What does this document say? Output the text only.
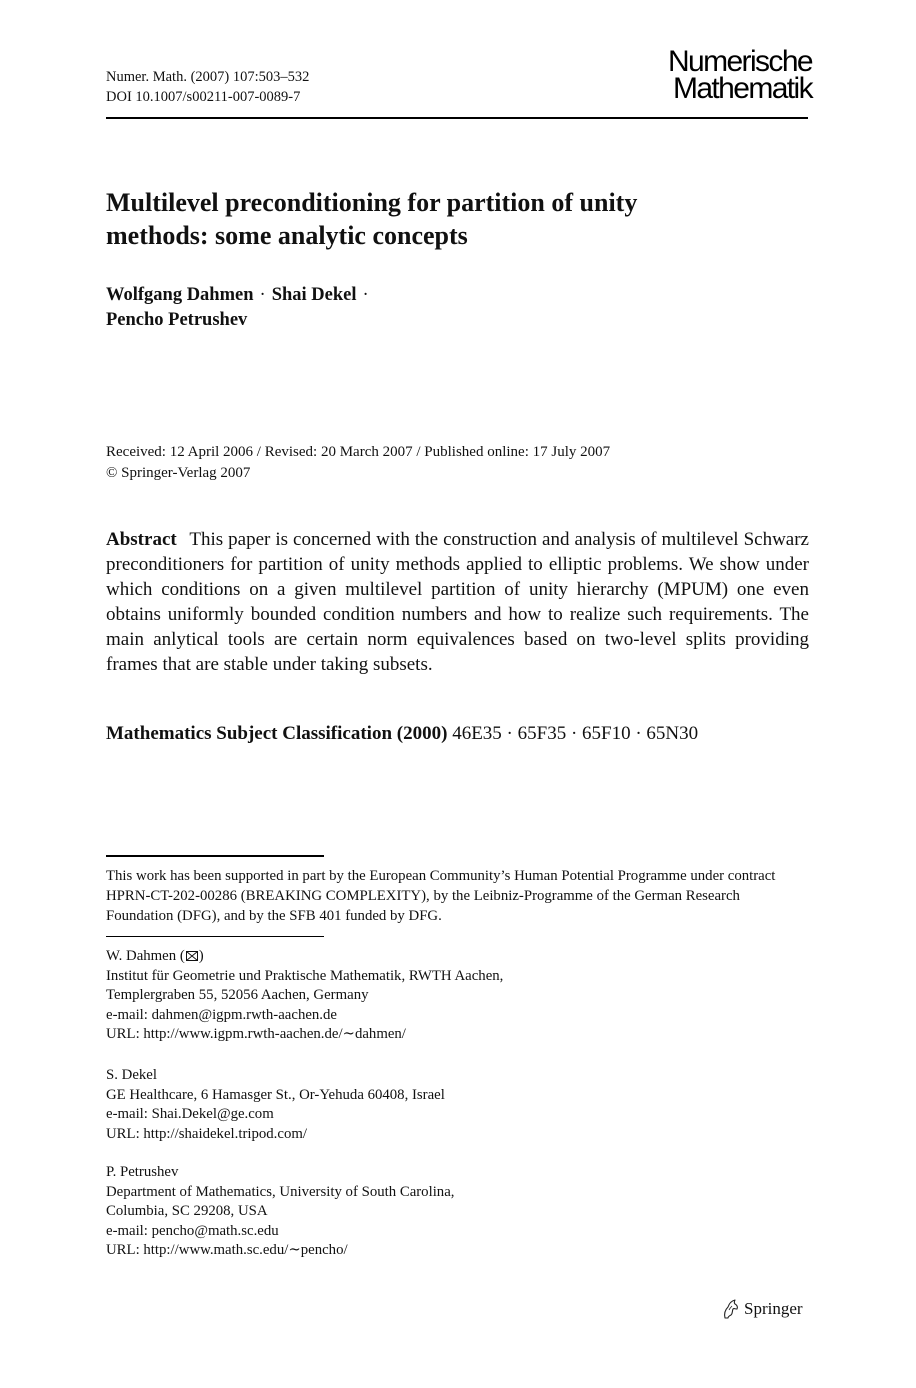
Numer. Math. (2007) 107:503–532
DOI 10.1007/s00211-007-0089-7
Numerische
Mathematik
Multilevel preconditioning for partition of unity
methods: some analytic concepts
Wolfgang Dahmen · Shai Dekel ·
Pencho Petrushev
Received: 12 April 2006 / Revised: 20 March 2007 / Published online: 17 July 2007
© Springer-Verlag 2007
Abstract This paper is concerned with the construction and analysis of multilevel Schwarz preconditioners for partition of unity methods applied to elliptic problems. We show under which conditions on a given multilevel partition of unity hierarchy (MPUM) one even obtains uniformly bounded condition numbers and how to realize such requirements. The main anlytical tools are certain norm equivalences based on two-level splits providing frames that are stable under taking subsets.
Mathematics Subject Classification (2000) 46E35 · 65F35 · 65F10 · 65N30
This work has been supported in part by the European Community’s Human Potential Programme under contract HPRN-CT-202-00286 (BREAKING COMPLEXITY), by the Leibniz-Programme of the German Research Foundation (DFG), and by the SFB 401 funded by DFG.
W. Dahmen ( )
Institut für Geometrie und Praktische Mathematik, RWTH Aachen,
Templergraben 55, 52056 Aachen, Germany
e-mail: dahmen@igpm.rwth-aachen.de
URL: http://www.igpm.rwth-aachen.de/∼dahmen/
S. Dekel
GE Healthcare, 6 Hamasger St., Or-Yehuda 60408, Israel
e-mail: Shai.Dekel@ge.com
URL: http://shaidekel.tripod.com/
P. Petrushev
Department of Mathematics, University of South Carolina,
Columbia, SC 29208, USA
e-mail: pencho@math.sc.edu
URL: http://www.math.sc.edu/∼pencho/
Springer
